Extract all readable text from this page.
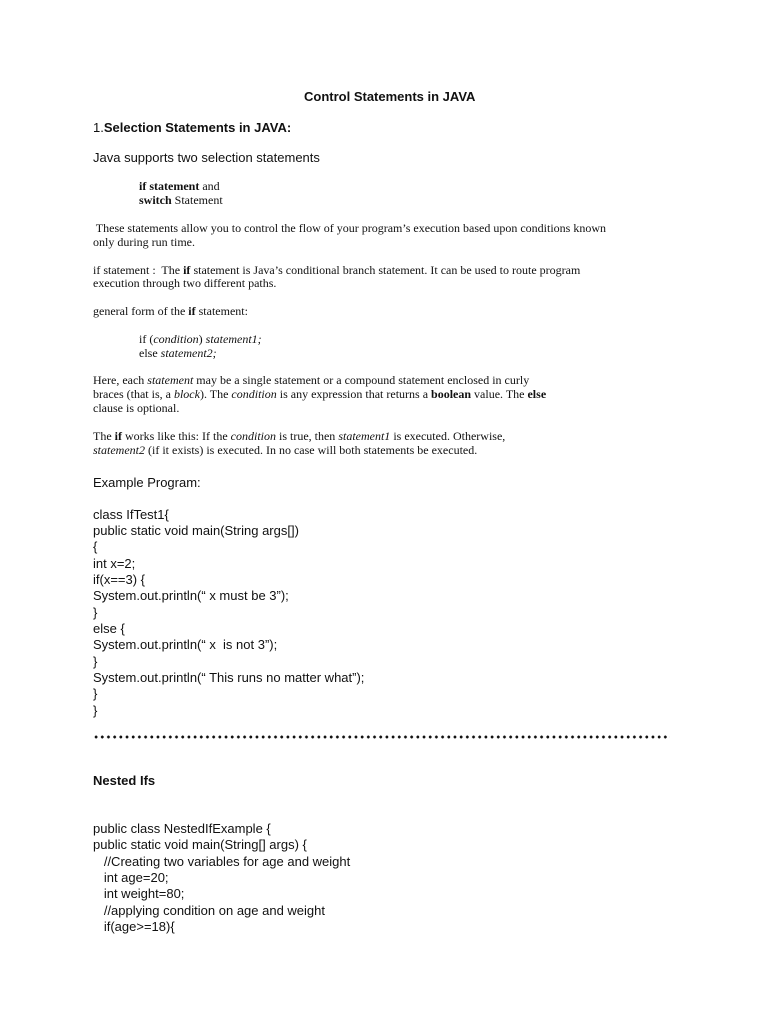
Control Statements in JAVA
1.Selection Statements in JAVA:
Java supports two selection statements
if statement and
switch Statement
These statements allow you to control the flow of your program’s execution based upon conditions known
only during run time.
if statement :  The if statement is Java’s conditional branch statement. It can be used to route program
execution through two different paths.
general form of the if statement:
if (condition) statement1;
else statement2;
Here, each statement may be a single statement or a compound statement enclosed in curly
braces (that is, a block). The condition is any expression that returns a boolean value. The else
clause is optional.
The if works like this: If the condition is true, then statement1 is executed. Otherwise,
statement2 (if it exists) is executed. In no case will both statements be executed.
Example Program:
class IfTest1{
public static void main(String args[])
{
int x=2;
if(x==3) {
System.out.println(“ x must be 3”);
}
else {
System.out.println(“ x  is not 3”);
}
System.out.println(“ This runs no matter what”);
}
}
Nested Ifs
public class NestedIfExample {
public static void main(String[] args) {
//Creating two variables for age and weight
int age=20;
int weight=80;
//applying condition on age and weight
if(age>=18){
